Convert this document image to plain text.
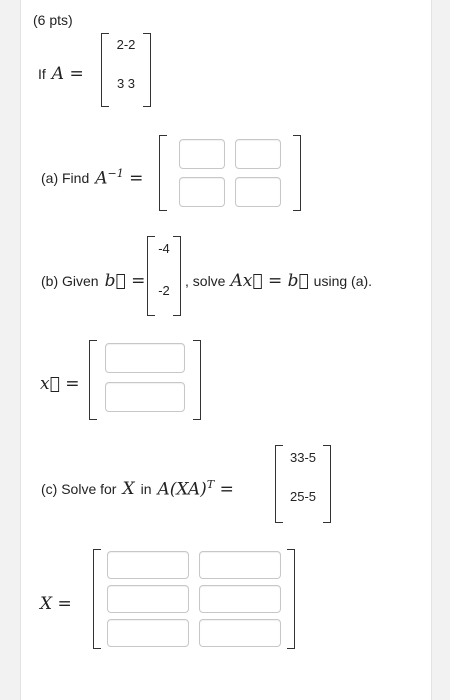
(6 pts)
If A =
2-2
3 3
(a) Find $A^{-1}$ =
(b) Given b⃗ =
-4
-2
, solve Ax⃗ = b⃗ using (a).
x⃗ =
(c) Solve for X in A(XA)$^T$ =
33-5
25-5
X =
